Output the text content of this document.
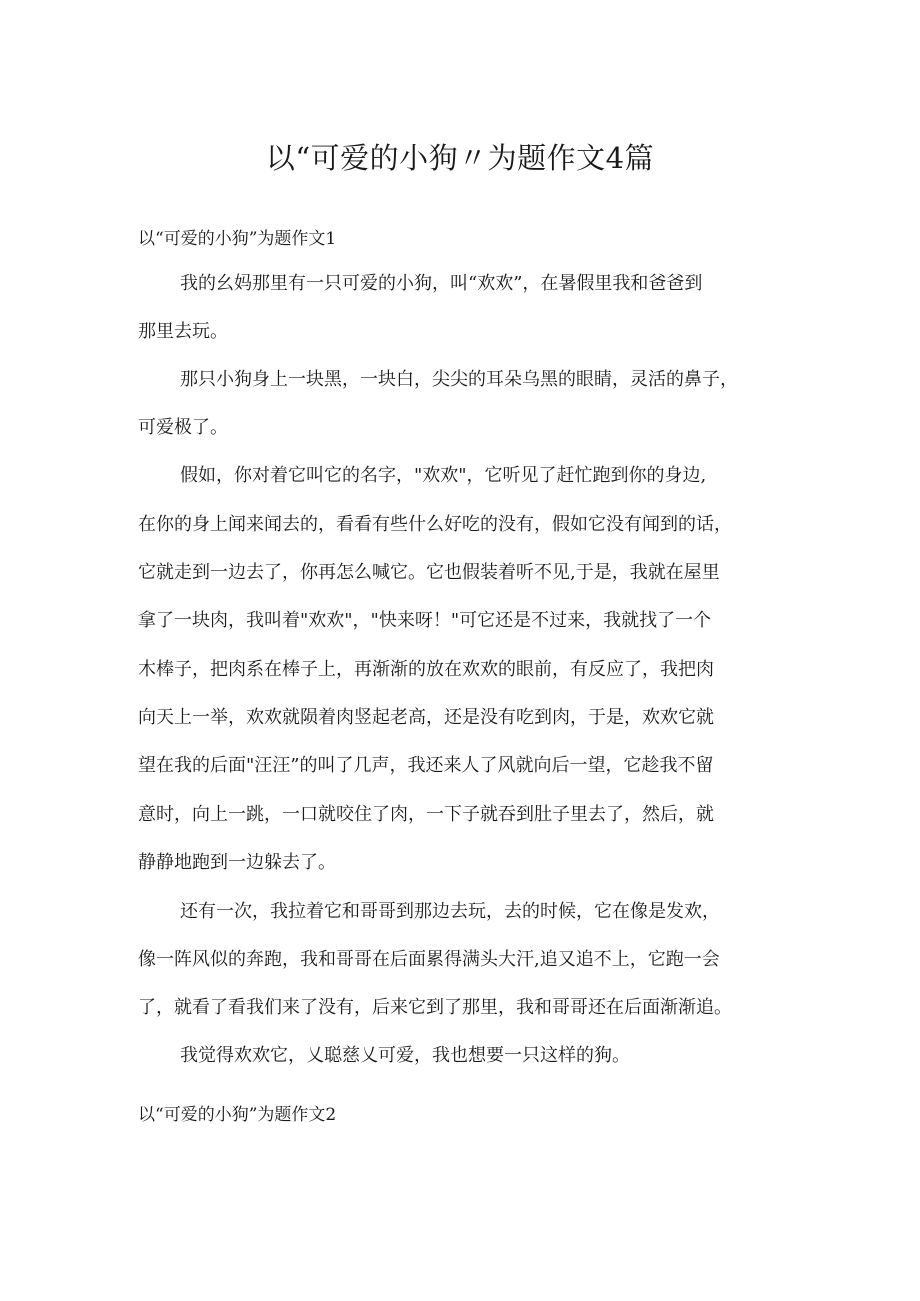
以“可爱的小狗〃为题作文4篇
以“可爱的小狗”为题作文1
我的幺妈那里有一只可爱的小狗，叫“欢欢”，在暑假里我和爸爸到
那里去玩。
那只小狗身上一块黑，一块白，尖尖的耳朵乌黑的眼睛，灵活的鼻子，
可爱极了。
假如，你对着它叫它的名字，"欢欢"，它听见了赶忙跑到你的身边,
在你的身上闻来闻去的，看看有些什么好吃的没有，假如它没有闻到的话，
它就走到一边去了，你再怎么喊它。它也假装着听不见,于是，我就在屋里
拿了一块肉，我叫着"欢欢"，"快来呀！"可它还是不过来，我就找了一个
木棒子，把肉系在棒子上，再渐渐的放在欢欢的眼前，有反应了，我把肉
向天上一举，欢欢就陨着肉竖起老高，还是没有吃到肉，于是，欢欢它就
望在我的后面"汪汪”的叫了几声，我还来人了风就向后一望，它趁我不留
意时，向上一跳，一口就咬住了肉，一下子就吞到肚子里去了，然后，就
静静地跑到一边躲去了。
还有一次，我拉着它和哥哥到那边去玩，去的时候，它在像是发欢，
像一阵风似的奔跑，我和哥哥在后面累得满头大汗,追又追不上，它跑一会
了，就看了看我们来了没有，后来它到了那里，我和哥哥还在后面渐渐追。
我觉得欢欢它，乂聪慈乂可爱，我也想要一只这样的狗。
以“可爱的小狗”为题作文2
